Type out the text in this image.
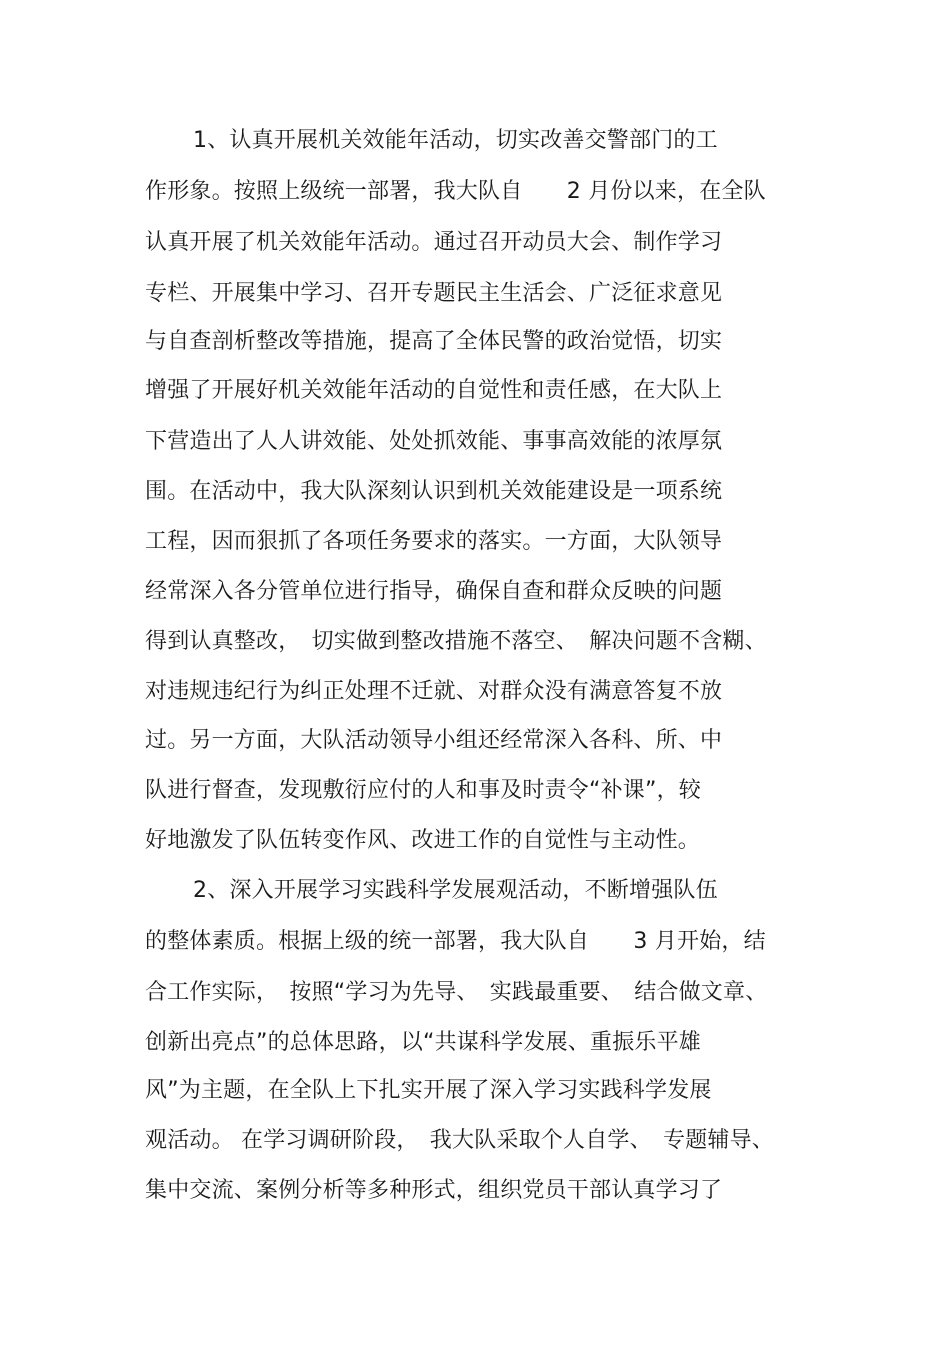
1、认真开展机关效能年活动，切实改善交警部门的工
作形象。按照上级统一部署，我大队自　　2 月份以来，在全队
认真开展了机关效能年活动。通过召开动员大会、制作学习
专栏、开展集中学习、召开专题民主生活会、广泛征求意见
与自查剖析整改等措施，提高了全体民警的政治觉悟，切实
增强了开展好机关效能年活动的自觉性和责任感，在大队上
下营造出了人人讲效能、处处抓效能、事事高效能的浓厚氛
围。在活动中，我大队深刻认识到机关效能建设是一项系统
工程，因而狠抓了各项任务要求的落实。一方面，大队领导
经常深入各分管单位进行指导，确保自查和群众反映的问题
得到认真整改，　切实做到整改措施不落空、　解决问题不含糊、
对违规违纪行为纠正处理不迁就、对群众没有满意答复不放
过。另一方面，大队活动领导小组还经常深入各科、所、中
队进行督查，发现敷衍应付的人和事及时责令“补课”，较
好地激发了队伍转变作风、改进工作的自觉性与主动性。
2、深入开展学习实践科学发展观活动，不断增强队伍
的整体素质。根据上级的统一部署，我大队自　　3 月开始，结
合工作实际，　按照“学习为先导、　实践最重要、　结合做文章、
创新出亮点”的总体思路，以“共谋科学发展、重振乐平雄
风”为主题，在全队上下扎实开展了深入学习实践科学发展
观活动。 在学习调研阶段，　我大队采取个人自学、　专题辅导、
集中交流、案例分析等多种形式，组织党员干部认真学习了
